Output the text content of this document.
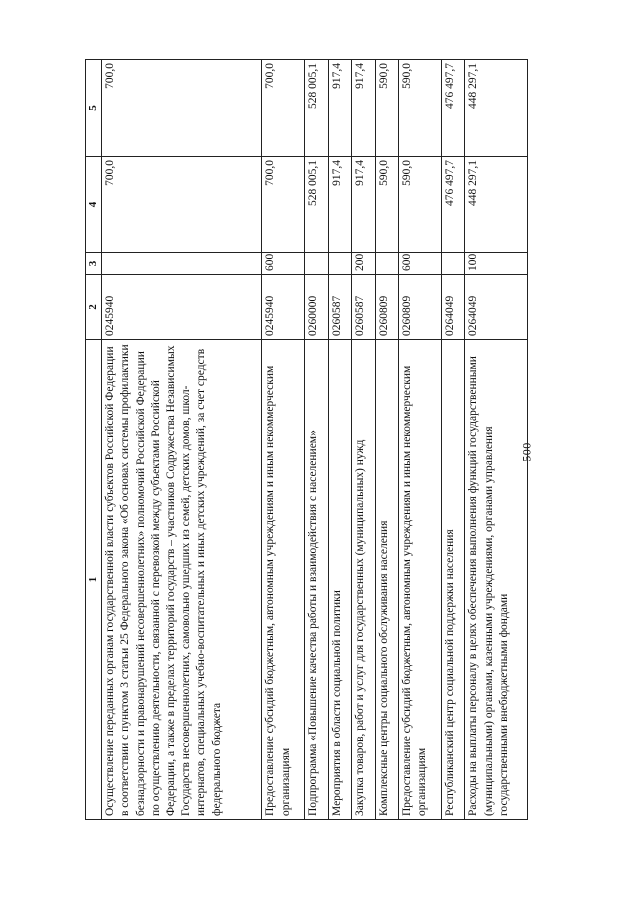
500
1	2	3	4	5
Осуществление переданных органам государственной власти субъектов Российской Федерации в соответствии с пунктом 3 статьи 25 Федерального закона «Об основах системы профилактики безнадзорности и правонарушений несовершеннолетних» полномочий Российской Федерации по осуществлению деятельности, связанной с перевозкой между субъектами Российской Федерации, а также в пределах территорий государств – участников Содружества Независимых Государств несовершеннолетних, самовольно ушедших из семей, детских домов, школ-интернатов, специальных учебно-воспитательных и иных детских учреждений, за счет средств федерального бюджета	0245940		700,0	700,0
Предоставление субсидий бюджетным, автономным учреждениям и иным некоммерческим организациям	0245940	600	700,0	700,0
Подпрограмма «Повышение качества работы и взаимодействия с населением»	0260000		528 005,1	528 005,1
Мероприятия в области социальной политики	0260587		917,4	917,4
Закупка товаров, работ и услуг для государственных (муниципальных) нужд	0260587	200	917,4	917,4
Комплексные центры социального обслуживания населения	0260809		590,0	590,0
Предоставление субсидий бюджетным, автономным учреждениям и иным некоммерческим организациям	0260809	600	590,0	590,0
Республиканский центр социальной поддержки населения	0264049		476 497,7	476 497,7
Расходы на выплаты персоналу в целях обеспечения выполнения функций государственными (муниципальными) органами, казенными учреждениями, органами управления государственными внебюджетными фондами	0264049	100	448 297,1	448 297,1
